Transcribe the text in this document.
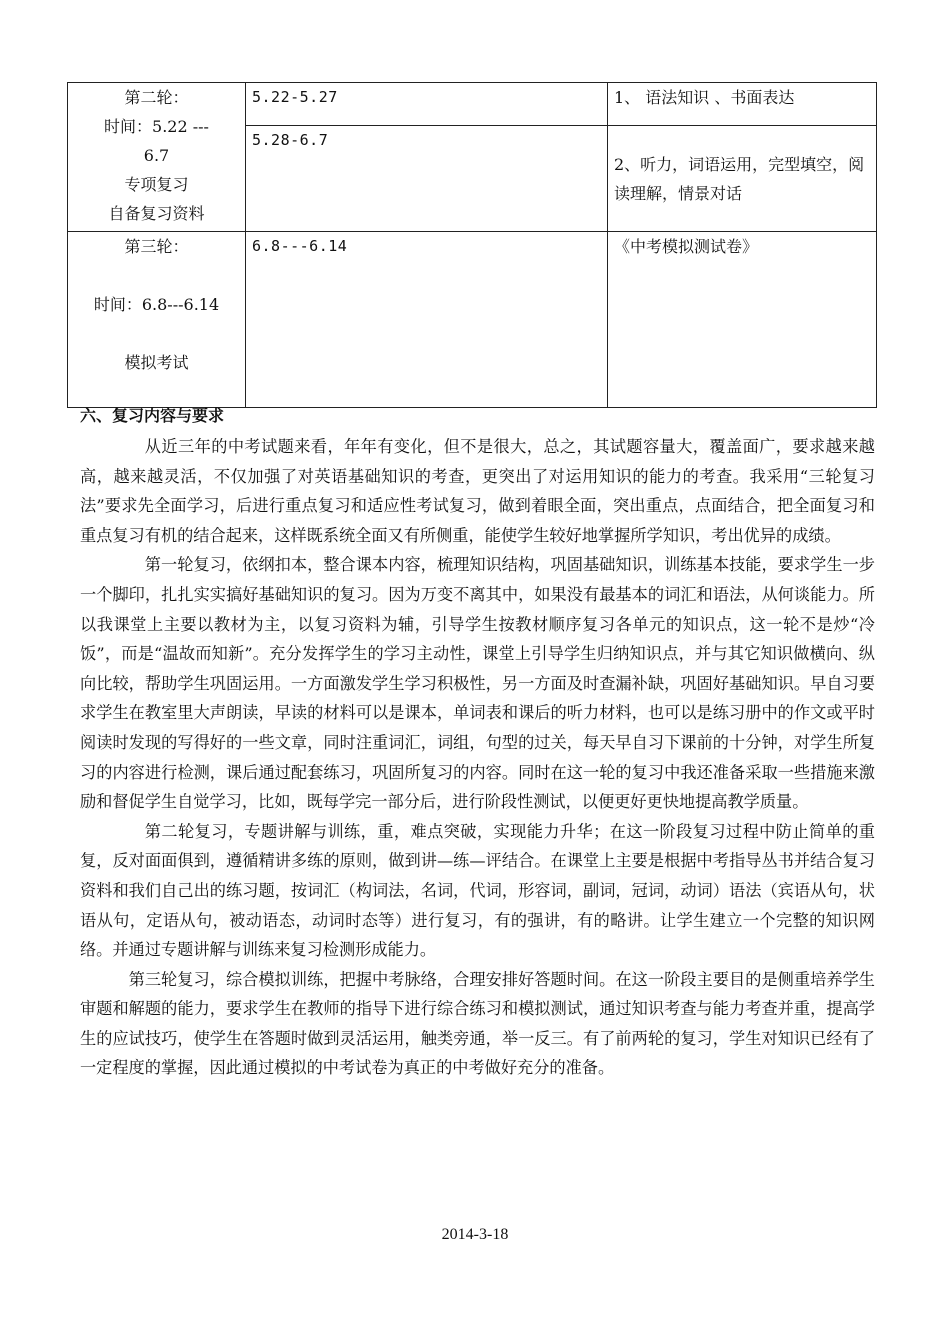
第二轮：
时间：5.22 ---
6.7
专项复习
自备复习资料	5.22-5.27	1、 语法知识 、书面表达
	5.28-6.7	2、听力，词语运用，完型填空，阅读理解，情景对话

第三轮：
时间：6.8---6.14
模拟考试	6.8---6.14	《中考模拟测试卷》
六、复习内容与要求

从近三年的中考试题来看，年年有变化，但不是很大，总之，其试题容量大，覆盖面广，要求越来越高，越来越灵活，不仅加强了对英语基础知识的考查，更突出了对运用知识的能力的考查。我采用“三轮复习法”要求先全面学习，后进行重点复习和适应性考试复习，做到着眼全面，突出重点，点面结合，把全面复习和重点复习有机的结合起来，这样既系统全面又有所侧重，能使学生较好地掌握所学知识，考出优异的成绩。

第一轮复习，依纲扣本，整合课本内容，梳理知识结构，巩固基础知识，训练基本技能，要求学生一步一个脚印，扎扎实实搞好基础知识的复习。因为万变不离其中，如果没有最基本的词汇和语法，从何谈能力。所以我课堂上主要以教材为主，以复习资料为辅，引导学生按教材顺序复习各单元的知识点，这一轮不是炒“冷饭”，而是“温故而知新”。充分发挥学生的学习主动性，课堂上引导学生归纳知识点，并与其它知识做横向、纵向比较，帮助学生巩固运用。一方面激发学生学习积极性，另一方面及时查漏补缺，巩固好基础知识。早自习要求学生在教室里大声朗读，早读的材料可以是课本，单词表和课后的听力材料，也可以是练习册中的作文或平时阅读时发现的写得好的一些文章，同时注重词汇，词组，句型的过关，每天早自习下课前的十分钟，对学生所复习的内容进行检测，课后通过配套练习，巩固所复习的内容。同时在这一轮的复习中我还准备采取一些措施来激励和督促学生自觉学习，比如，既每学完一部分后，进行阶段性测试，以便更好更快地提高教学质量。

第二轮复习，专题讲解与训练，重，难点突破，实现能力升华；在这一阶段复习过程中防止简单的重复，反对面面俱到，遵循精讲多练的原则，做到讲—练—评结合。在课堂上主要是根据中考指导丛书并结合复习资料和我们自己出的练习题，按词汇（构词法，名词，代词，形容词，副词，冠词，动词）语法（宾语从句，状语从句，定语从句，被动语态，动词时态等）进行复习，有的强讲，有的略讲。让学生建立一个完整的知识网络。并通过专题讲解与训练来复习检测形成能力。

第三轮复习，综合模拟训练，把握中考脉络，合理安排好答题时间。在这一阶段主要目的是侧重培养学生审题和解题的能力，要求学生在教师的指导下进行综合练习和模拟测试，通过知识考查与能力考查并重，提高学生的应试技巧，使学生在答题时做到灵活运用，触类旁通，举一反三。有了前两轮的复习，学生对知识已经有了一定程度的掌握，因此通过模拟的中考试卷为真正的中考做好充分的准备。

2014-3-18
